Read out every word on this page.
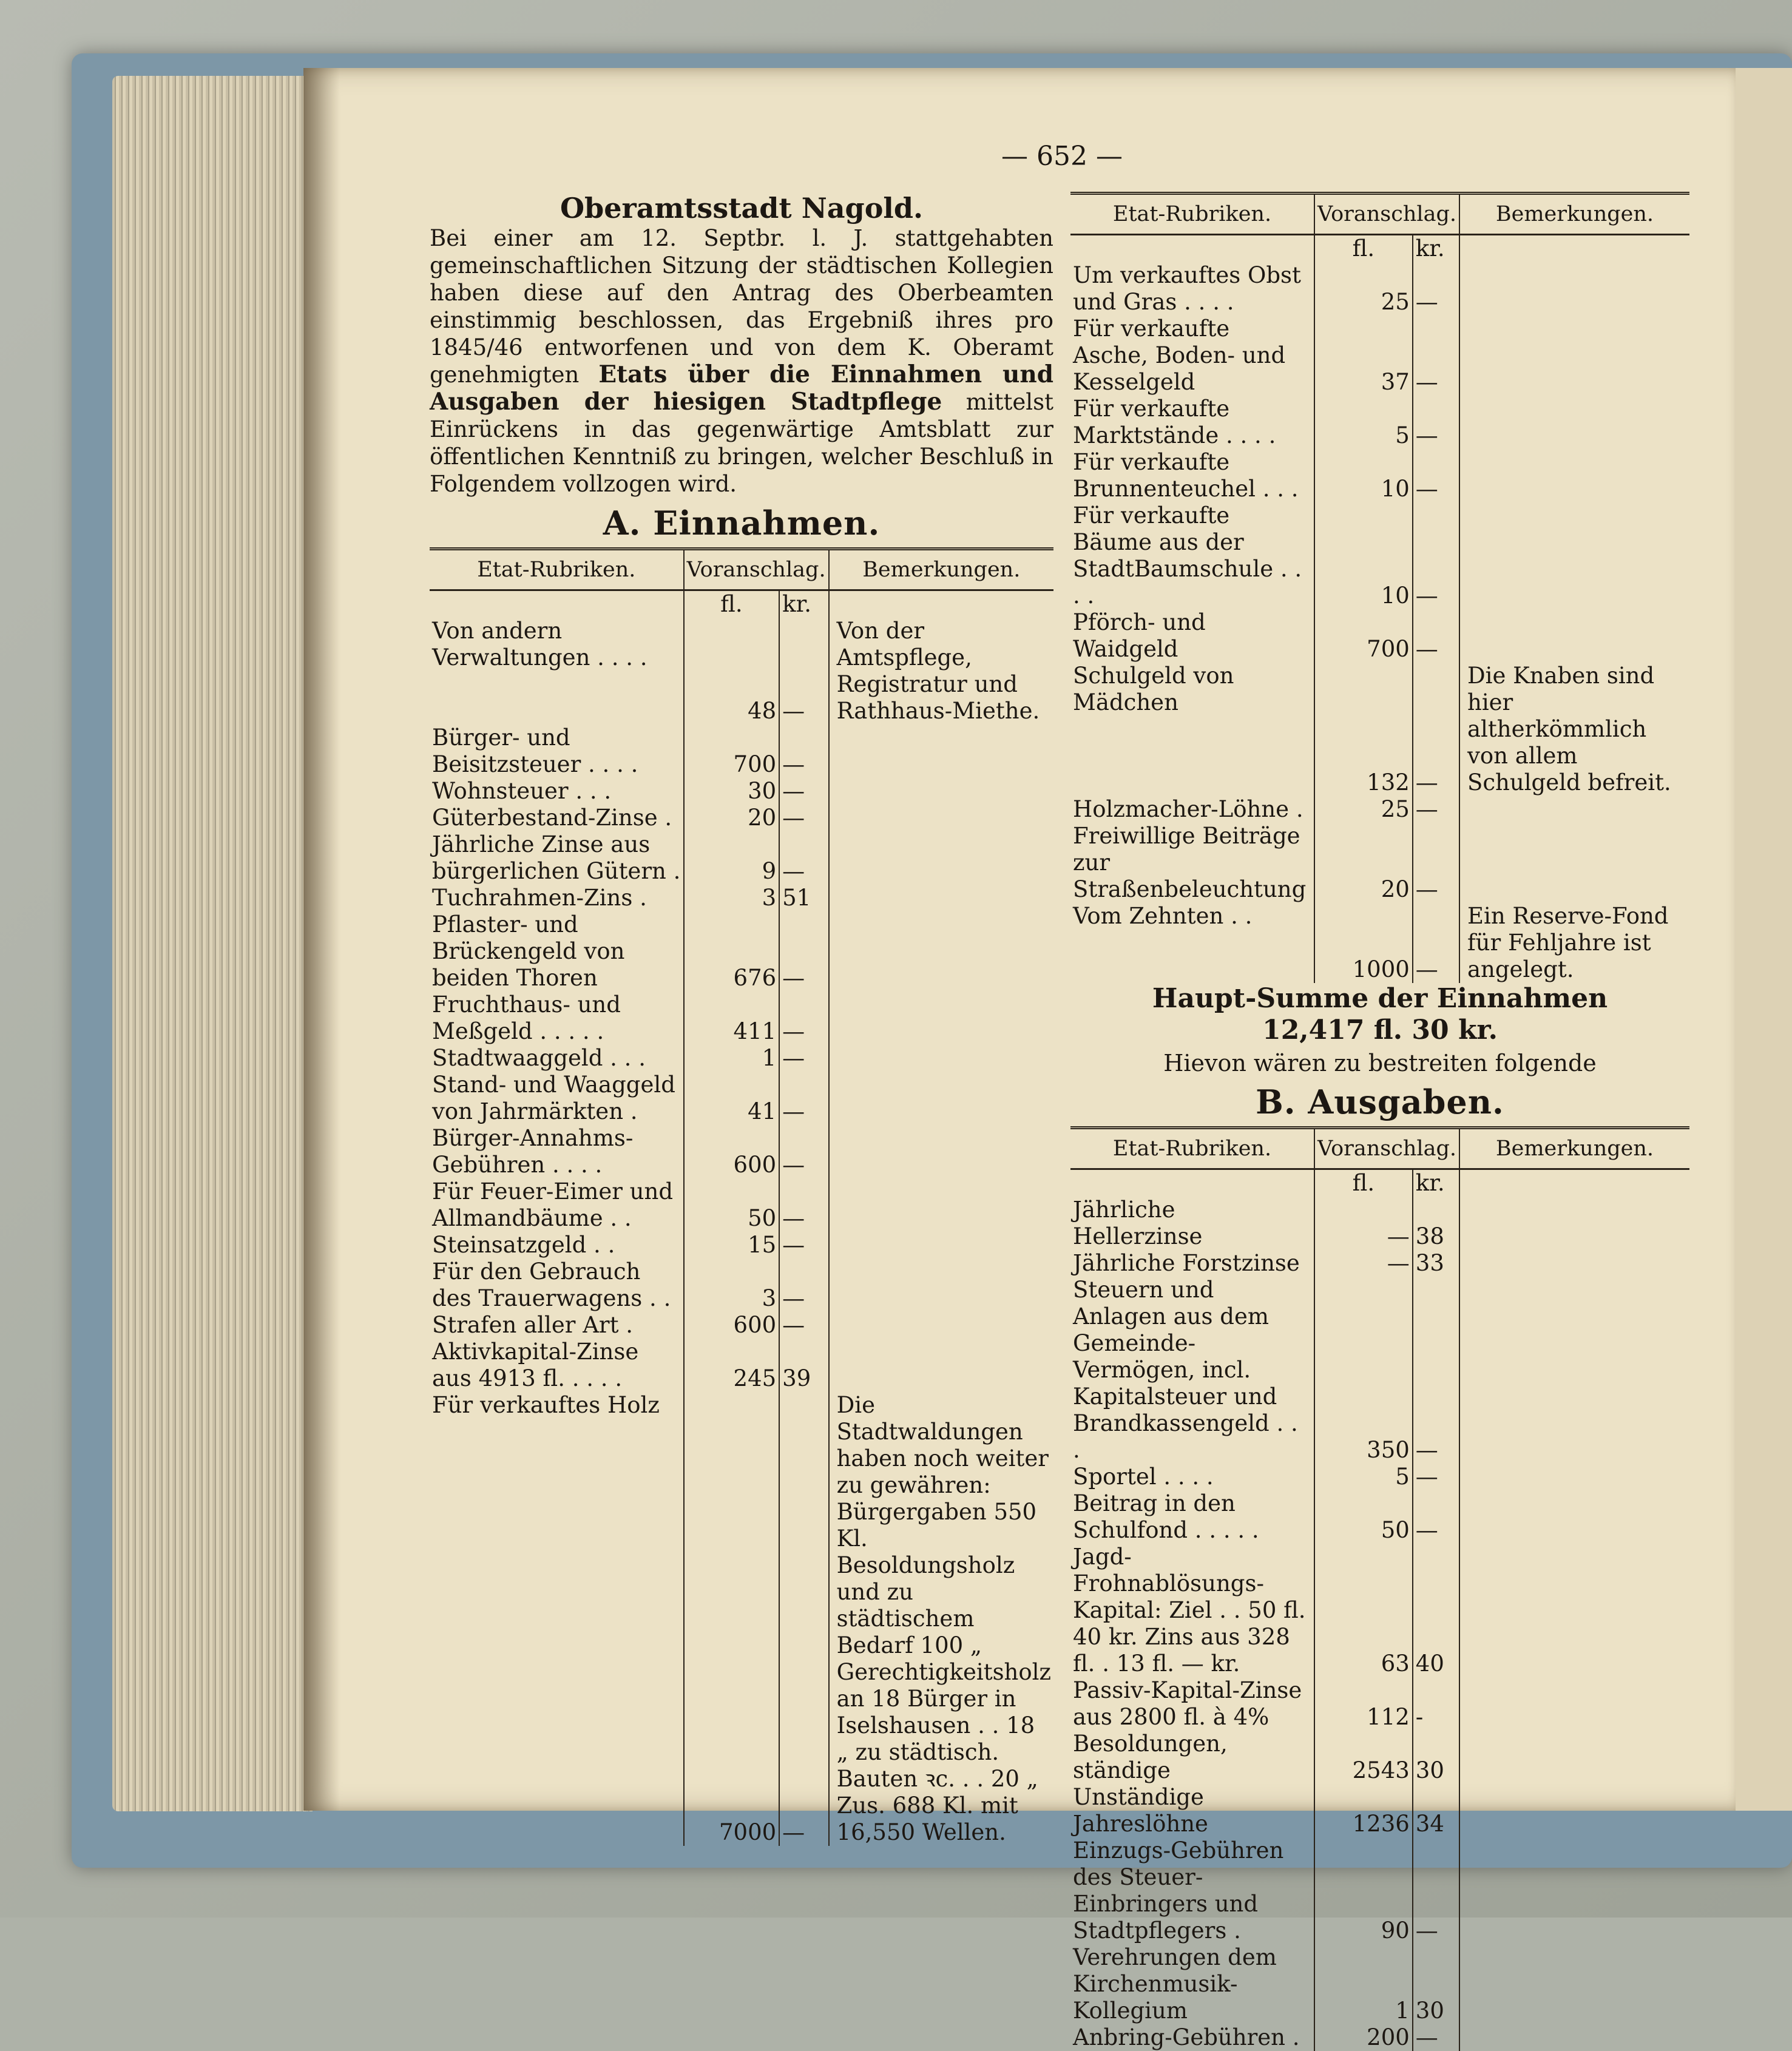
— 652 —
Oberamtsstadt Nagold.
Bei einer am 12. Septbr. l. J. stattgehabten gemeinschaftlichen Sitzung der städtischen Kollegien haben diese auf den Antrag des Oberbeamten einstimmig beschlossen, das Ergebniß ihres pro 1845/46 entworfenen und von dem K. Oberamt genehmigten Etats über die Einnahmen und Ausgaben der hiesigen Stadtpflege mittelst Einrückens in das gegenwärtige Amtsblatt zur öffentlichen Kenntniß zu bringen, welcher Beschluß in Folgendem vollzogen wird.
A. Einnahmen.
Etat-Rubriken.	Voranschlag.		Bemerkungen.
	fl.	kr.	
Von andern Verwaltungen . . . .	48	—	Von der Amtspflege, Registratur und Rathhaus-Miethe.
Bürger- und Beisitzsteuer . . . .	700	—	
Wohnsteuer . . .	30	—	
Güterbestand-Zinse .	20	—	
Jährliche Zinse aus bürgerlichen Gütern .	9	—	
Tuchrahmen-Zins .	3	51	
Pflaster- und Brückengeld von beiden Thoren	676	—	
Fruchthaus- und Meßgeld . . . . .	411	—	
Stadtwaaggeld . . .	1	—	
Stand- und Waaggeld von Jahrmärkten .	41	—	
Bürger-Annahms-Gebühren . . . .	600	—	
Für Feuer-Eimer und Allmandbäume . .	50	—	
Steinsatzgeld . .	15	—	
Für den Gebrauch des Trauerwagens . .	3	—	
Strafen aller Art .	600	—	
Aktivkapital-Zinse aus 4913 fl. . . . .	245	39	
Für verkauftes Holz	7000	—	Die Stadtwaldungen haben noch weiter zu gewähren: Bürgergaben 550 Kl. Besoldungsholz und zu städtischem Bedarf 100 „ Gerechtigkeitsholz an 18 Bürger in Iselshausen . . 18 „ zu städtisch. Bauten ꝛc. . . 20 „ Zus. 688 Kl. mit 16,550 Wellen.
Etat-Rubriken.	Voranschlag.		Bemerkungen.
	fl.	kr.	
Um verkauftes Obst und Gras . . . .	25	—	
Für verkaufte Asche, Boden- und Kesselgeld	37	—	
Für verkaufte Marktstände . . . .	5	—	
Für verkaufte Brunnenteuchel . . .	10	—	
Für verkaufte Bäume aus der StadtBaumschule . . . .	10	—	
Pförch- und Waidgeld	700	—	
Schulgeld von Mädchen	132	—	Die Knaben sind hier altherkömmlich von allem Schulgeld befreit.
Holzmacher-Löhne .	25	—	
Freiwillige Beiträge zur Straßenbeleuchtung	20	—	
Vom Zehnten . .	1000	—	Ein Reserve-Fond für Fehljahre ist angelegt.
Haupt-Summe der Einnahmen
12,417 fl. 30 kr.
Hievon wären zu bestreiten folgende
B. Ausgaben.
Etat-Rubriken.	Voranschlag.		Bemerkungen.
	fl.	kr.	
Jährliche Hellerzinse	—	38	
Jährliche Forstzinse	—	33	
Steuern und Anlagen aus dem Gemeinde-Vermögen, incl. Kapitalsteuer und Brandkassengeld . . .	350	—	
Sportel . . . .	5	—	
Beitrag in den Schulfond . . . . .	50	—	
Jagd-Frohnablösungs-Kapital: Ziel . . 50 fl. 40 kr. Zins aus 328 fl. . 13 fl. — kr.	63	40	
Passiv-Kapital-Zinse aus 2800 fl. à 4%	112	-	
Besoldungen, ständige	2543	30	
Unständige Jahreslöhne	1236	34	
Einzugs-Gebühren des Steuer-Einbringers und Stadtpflegers .	90	—	
Verehrungen dem Kirchenmusik-Kollegium	1	30	
Anbring-Gebühren .	200	—	
